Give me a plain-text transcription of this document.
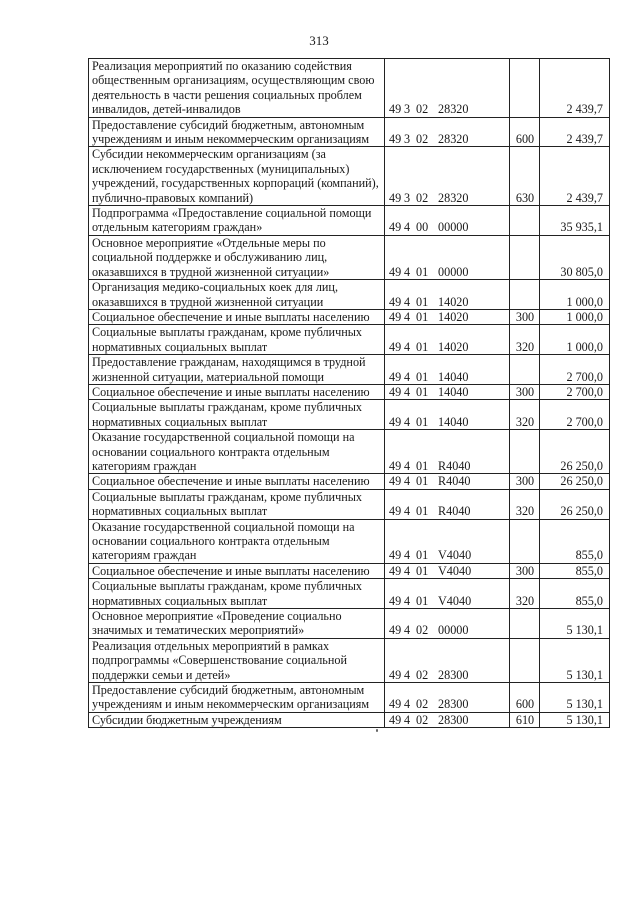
313
Реализация мероприятий по оказанию содействия общественным организациям, осуществляющим свою деятельность в части решения социальных проблем инвалидов, детей-инвалидов	49 3 02 28320		2 439,7
Предоставление субсидий бюджетным, автономным учреждениям и иным некоммерческим организациям	49 3 02 28320	600	2 439,7
Субсидии некоммерческим организациям (за исключением государственных (муниципальных) учреждений, государственных корпораций (компаний), публично-правовых компаний)	49 3 02 28320	630	2 439,7
Подпрограмма «Предоставление социальной помощи отдельным категориям граждан»	49 4 00 00000		35 935,1
Основное мероприятие «Отдельные меры по социальной поддержке и обслуживанию лиц, оказавшихся в трудной жизненной ситуации»	49 4 01 00000		30 805,0
Организация медико-социальных коек для лиц, оказавшихся в трудной жизненной ситуации	49 4 01 14020		1 000,0
Социальное обеспечение и иные выплаты населению	49 4 01 14020	300	1 000,0
Социальные выплаты гражданам, кроме публичных нормативных социальных выплат	49 4 01 14020	320	1 000,0
Предоставление гражданам, находящимся в трудной жизненной ситуации, материальной помощи	49 4 01 14040		2 700,0
Социальное обеспечение и иные выплаты населению	49 4 01 14040	300	2 700,0
Социальные выплаты гражданам, кроме публичных нормативных социальных выплат	49 4 01 14040	320	2 700,0
Оказание государственной социальной помощи на основании социального контракта отдельным категориям граждан	49 4 01 R4040		26 250,0
Социальное обеспечение и иные выплаты населению	49 4 01 R4040	300	26 250,0
Социальные выплаты гражданам, кроме публичных нормативных социальных выплат	49 4 01 R4040	320	26 250,0
Оказание государственной социальной помощи на основании социального контракта отдельным категориям граждан	49 4 01 V4040		855,0
Социальное обеспечение и иные выплаты населению	49 4 01 V4040	300	855,0
Социальные выплаты гражданам, кроме публичных нормативных социальных выплат	49 4 01 V4040	320	855,0
Основное мероприятие «Проведение социально значимых и тематических мероприятий»	49 4 02 00000		5 130,1
Реализация отдельных мероприятий в рамках подпрограммы «Совершенствование социальной поддержки семьи и детей»	49 4 02 28300		5 130,1
Предоставление субсидий бюджетным, автономным учреждениям и иным некоммерческим организациям	49 4 02 28300	600	5 130,1
Субсидии бюджетным учреждениям	49 4 02 28300	610	5 130,1
